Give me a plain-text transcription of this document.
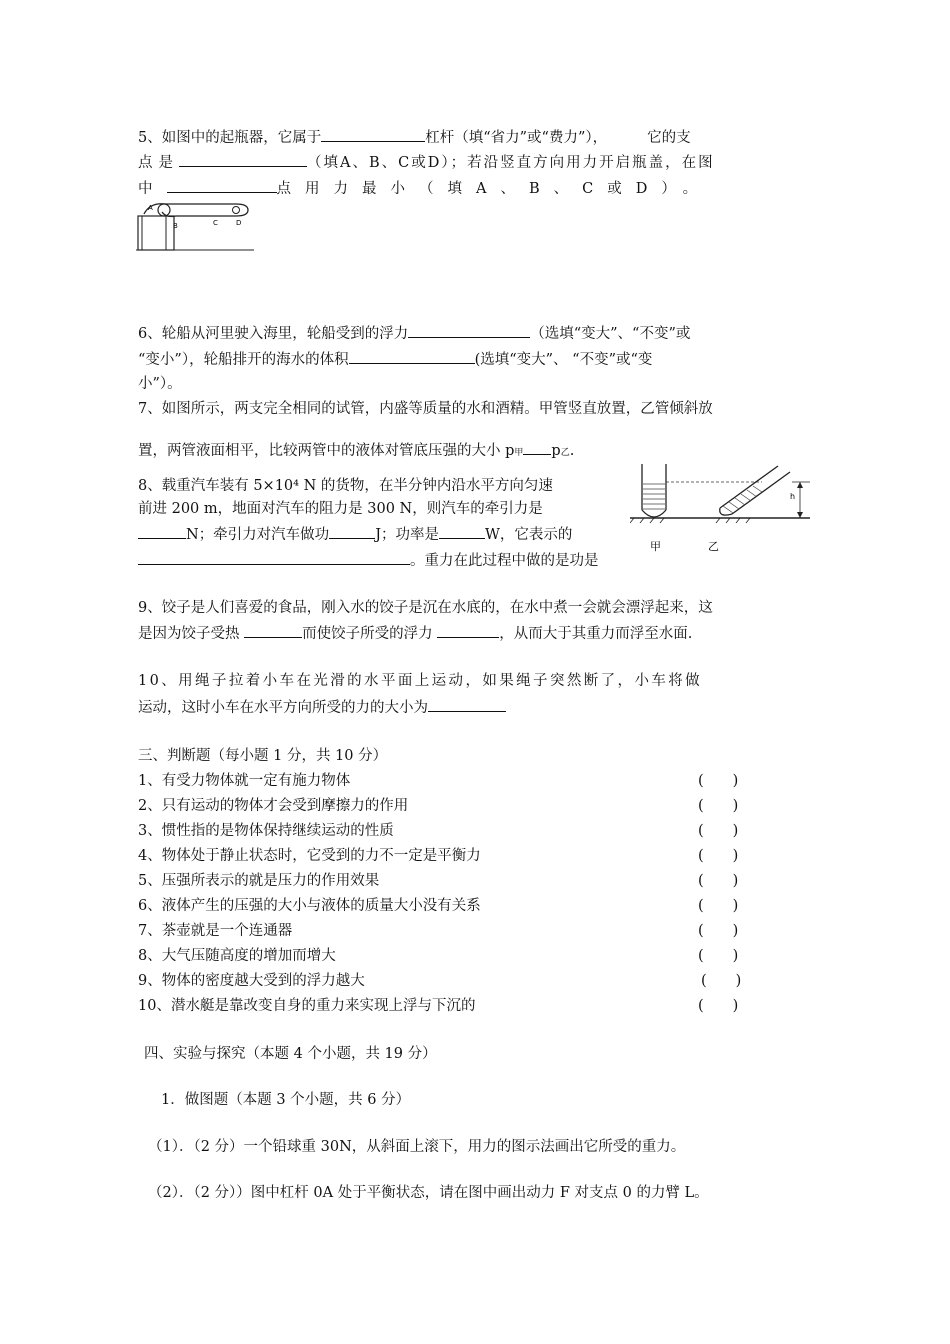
5、如图中的起瓶器，它属于	杠杆（填“省力”或“费力”），	它的支
点是	（填A、B、C或D）；若沿竖直方向用力开启瓶盖，在图
中	点用力最小（填A、B、C或D）。
A
B	C	D
6、轮船从河里驶入海里，轮船受到的浮力	（选填“变大”、“不变”或
“变小”），轮船排开的海水的体积	(选填“变大”、 “不变”或“变
小”）。
7、如图所示，两支完全相同的试管，内盛等质量的水和酒精。甲管竖直放置，乙管倾斜放
置，两管液面相平，比较两管中的液体对管底压强的大小 p甲 p乙.
8、载重汽车装有 5×10⁴ N 的货物，在半分钟内沿水平方向匀速
前进 200 m，地面对汽车的阻力是 300 N，则汽车的牵引力是
N；牵引力对汽车做功	J；功率是	W，它表示的
。重力在此过程中做的是功是
h
甲	乙
9、饺子是人们喜爱的食品，刚入水的饺子是沉在水底的，在水中煮一会就会漂浮起来，这
是因为饺子受热	而使饺子所受的浮力	，从而大于其重力而浮至水面.
10、用绳子拉着小车在光滑的水平面上运动，如果绳子突然断了，小车将做
运动，这时小车在水平方向所受的力的大小为
三、判断题（每小题 1 分，共 10 分）
1、有受力物体就一定有施力物体	(　　)
2、只有运动的物体才会受到摩擦力的作用	(　　)
3、惯性指的是物体保持继续运动的性质	(　　)
4、物体处于静止状态时，它受到的力不一定是平衡力	(　　)
5、压强所表示的就是压力的作用效果	(　　)
6、液体产生的压强的大小与液体的质量大小没有关系	(　　)
7、茶壶就是一个连通器	(　　)
8、大气压随高度的增加而增大	(　　)
9、物体的密度越大受到的浮力越大	(　　)
10、潜水艇是靠改变自身的重力来实现上浮与下沉的	(　　)
四、实验与探究（本题 4 个小题，共 19 分）
1．做图题（本题 3 个小题，共 6 分）
（1）．（2 分）一个铅球重 30N，从斜面上滚下，用力的图示法画出它所受的重力。
（2）．（2 分））图中杠杆 0A 处于平衡状态，请在图中画出动力 F 对支点 0 的力臂 L。
